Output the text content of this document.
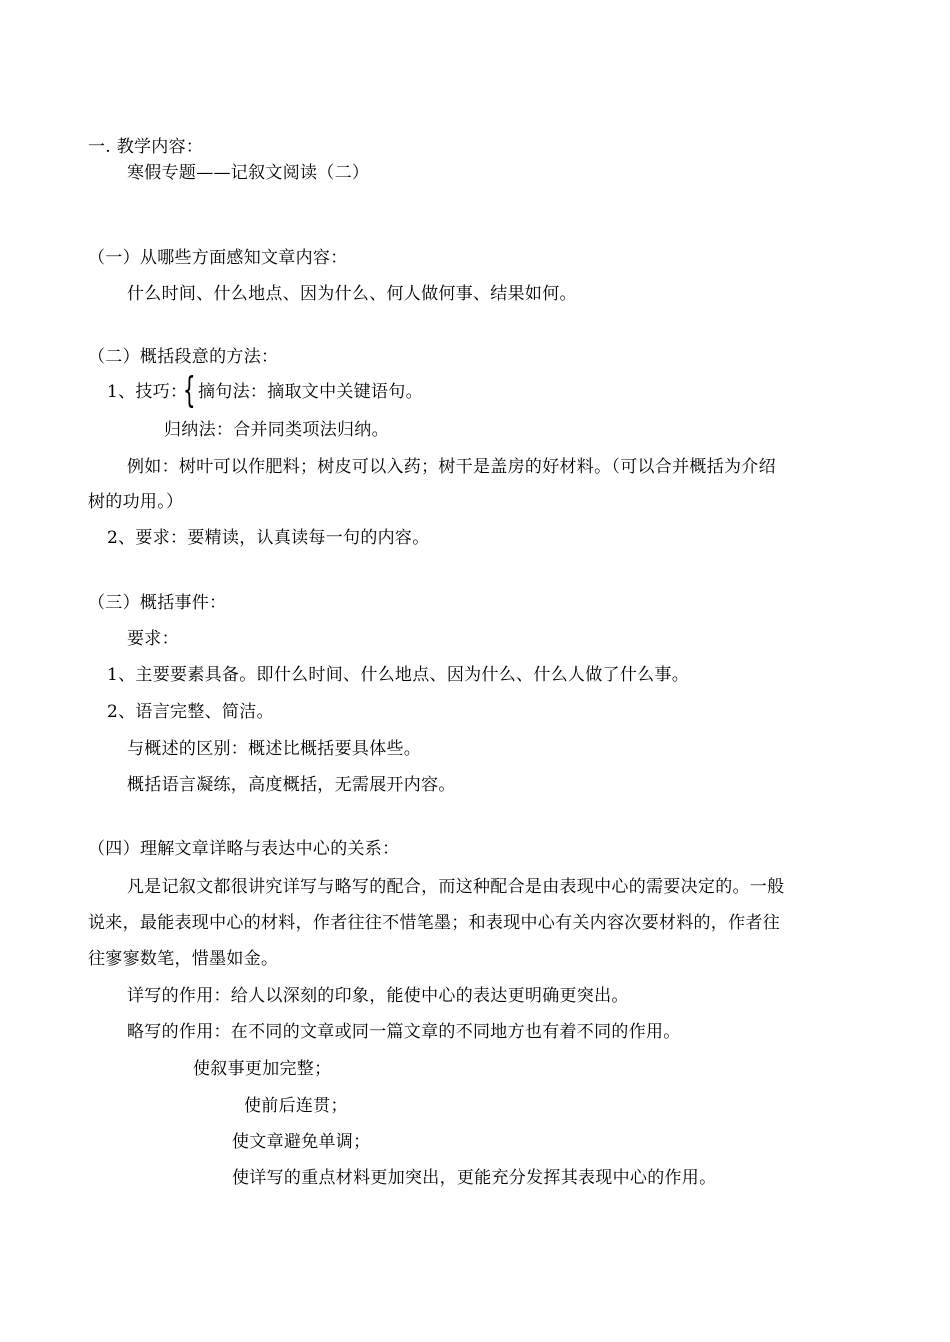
一. 教学内容：
寒假专题——记叙文阅读（二）
（一）从哪些方面感知文章内容：
什么时间、什么地点、因为什么、何人做何事、结果如何。
（二）概括段意的方法：
1、技巧：
{ 摘句法：摘取文中关键语句。
归纳法：合并同类项法归纳。
例如：树叶可以作肥料；树皮可以入药；树干是盖房的好材料。（可以合并概括为介绍
树的功用。）
2、要求：要精读，认真读每一句的内容。
（三）概括事件：
要求：
1、主要要素具备。即什么时间、什么地点、因为什么、什么人做了什么事。
2、语言完整、简洁。
与概述的区别：概述比概括要具体些。
概括语言凝练，高度概括，无需展开内容。
（四）理解文章详略与表达中心的关系：
凡是记叙文都很讲究详写与略写的配合，而这种配合是由表现中心的需要决定的。一般
说来，最能表现中心的材料，作者往往不惜笔墨；和表现中心有关内容次要材料的，作者往
往寥寥数笔，惜墨如金。
详写的作用：给人以深刻的印象，能使中心的表达更明确更突出。
略写的作用：在不同的文章或同一篇文章的不同地方也有着不同的作用。
使叙事更加完整；
使前后连贯；
使文章避免单调；
使详写的重点材料更加突出，更能充分发挥其表现中心的作用。
